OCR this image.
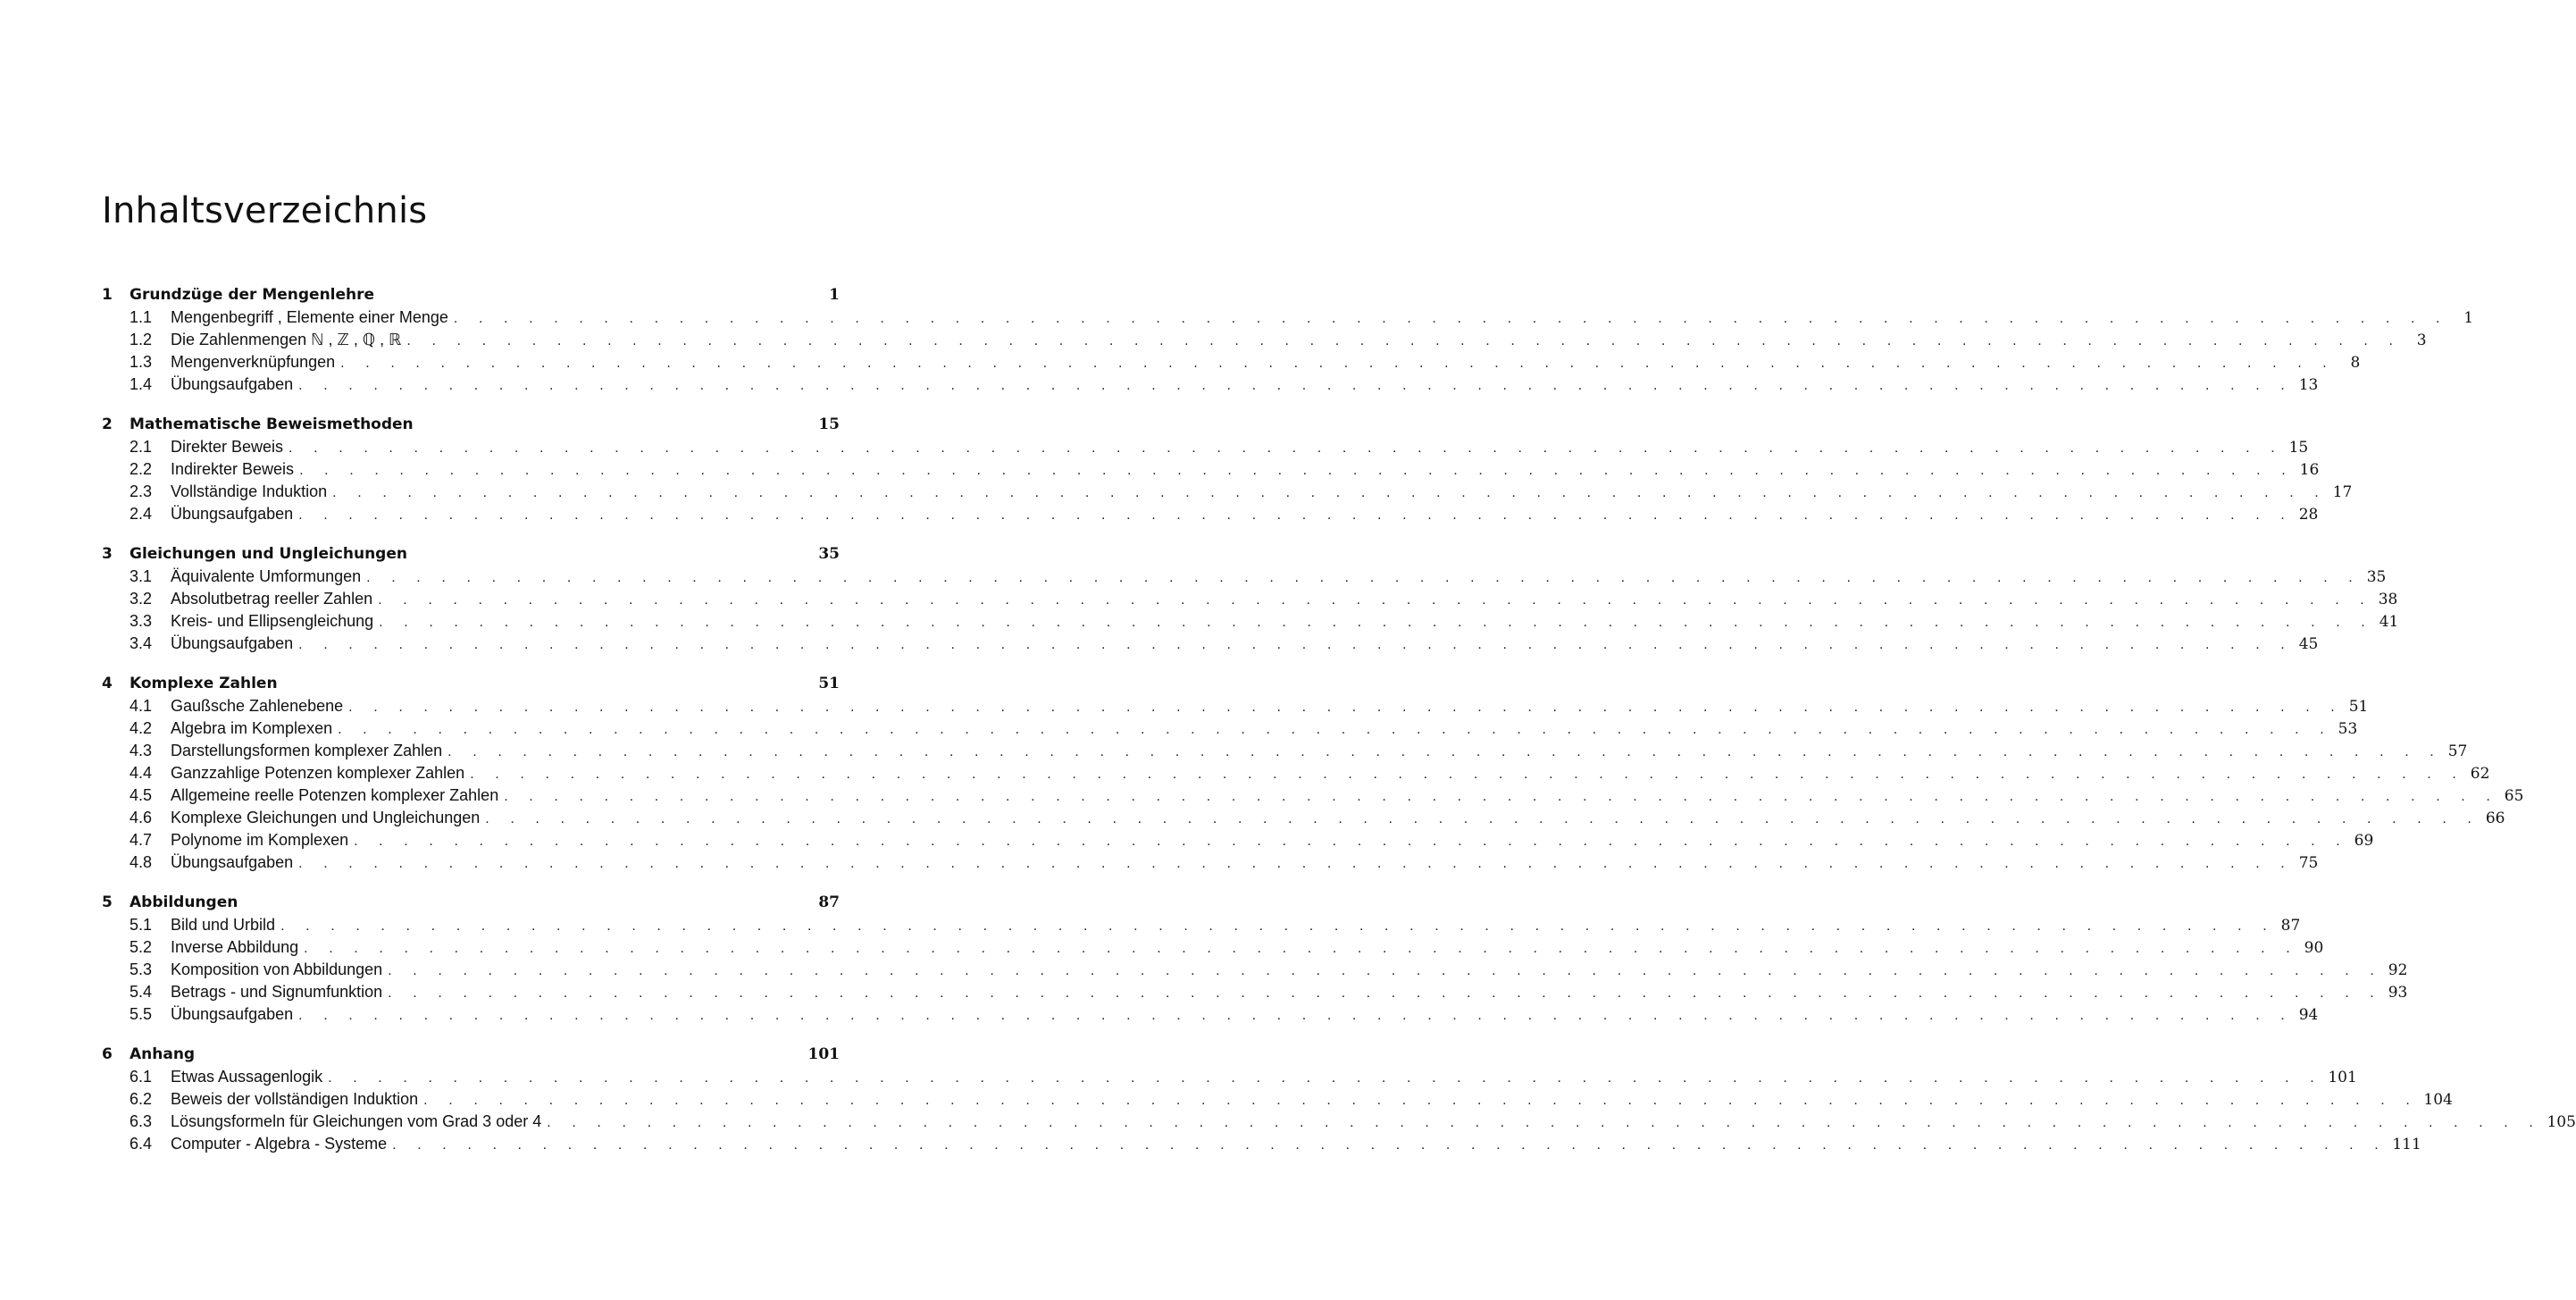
Inhaltsverzeichnis
1	Grundzüge der Mengenlehre	1
1.1	Mengenbegriff , Elemente einer Menge . . . . . . . . . . . . . . . . . . . . . . . . . . . . . . . . . . . . . . . . . . . . . . . . . . . . . . . . . . . . . . . . . . . . . . . . . . . . . . . .	1
1.2	Die Zahlenmengen ℕ , ℤ , ℚ , ℝ . . . . . . . . . . . . . . . . . . . . . . . . . . . . . . . . . . . . . . . . . . . . . . . . . . . . . . . . . . . . . . . . . . . . . . . . . . . . . . . .	3
1.3	Mengenverknüpfungen . . . . . . . . . . . . . . . . . . . . . . . . . . . . . . . . . . . . . . . . . . . . . . . . . . . . . . . . . . . . . . . . . . . . . . . . . . . . . . . .	8
1.4	Übungsaufgaben . . . . . . . . . . . . . . . . . . . . . . . . . . . . . . . . . . . . . . . . . . . . . . . . . . . . . . . . . . . . . . . . . . . . . . . . . . . . . . . . 13
2	Mathematische Beweismethoden	15
2.1	Direkter Beweis . . . . . . . . . . . . . . . . . . . . . . . . . . . . . . . . . . . . . . . . . . . . . . . . . . . . . . . . . . . . . . . . . . . . . . . . . . . . . . . . 15
2.2	Indirekter Beweis . . . . . . . . . . . . . . . . . . . . . . . . . . . . . . . . . . . . . . . . . . . . . . . . . . . . . . . . . . . . . . . . . . . . . . . . . . . . . . . . 16
2.3	Vollständige Induktion . . . . . . . . . . . . . . . . . . . . . . . . . . . . . . . . . . . . . . . . . . . . . . . . . . . . . . . . . . . . . . . . . . . . . . . . . . . . . . . . 17
2.4	Übungsaufgaben . . . . . . . . . . . . . . . . . . . . . . . . . . . . . . . . . . . . . . . . . . . . . . . . . . . . . . . . . . . . . . . . . . . . . . . . . . . . . . . . 28
3	Gleichungen und Ungleichungen	35
3.1	Äquivalente Umformungen . . . . . . . . . . . . . . . . . . . . . . . . . . . . . . . . . . . . . . . . . . . . . . . . . . . . . . . . . . . . . . . . . . . . . . . . . . . . . . . . 35
3.2	Absolutbetrag reeller Zahlen . . . . . . . . . . . . . . . . . . . . . . . . . . . . . . . . . . . . . . . . . . . . . . . . . . . . . . . . . . . . . . . . . . . . . . . . . . . . . . . . 38
3.3	Kreis- und Ellipsengleichung . . . . . . . . . . . . . . . . . . . . . . . . . . . . . . . . . . . . . . . . . . . . . . . . . . . . . . . . . . . . . . . . . . . . . . . . . . . . . . . . 41
3.4	Übungsaufgaben . . . . . . . . . . . . . . . . . . . . . . . . . . . . . . . . . . . . . . . . . . . . . . . . . . . . . . . . . . . . . . . . . . . . . . . . . . . . . . . . 45
4	Komplexe Zahlen	51
4.1	Gaußsche Zahlenebene . . . . . . . . . . . . . . . . . . . . . . . . . . . . . . . . . . . . . . . . . . . . . . . . . . . . . . . . . . . . . . . . . . . . . . . . . . . . . . . . 51
4.2	Algebra im Komplexen . . . . . . . . . . . . . . . . . . . . . . . . . . . . . . . . . . . . . . . . . . . . . . . . . . . . . . . . . . . . . . . . . . . . . . . . . . . . . . . . 53
4.3	Darstellungsformen komplexer Zahlen . . . . . . . . . . . . . . . . . . . . . . . . . . . . . . . . . . . . . . . . . . . . . . . . . . . . . . . . . . . . . . . . . . . . . . . . . . . . . . . . 57
4.4	Ganzzahlige Potenzen komplexer Zahlen . . . . . . . . . . . . . . . . . . . . . . . . . . . . . . . . . . . . . . . . . . . . . . . . . . . . . . . . . . . . . . . . . . . . . . . . . . . . . . . . 62
4.5	Allgemeine reelle Potenzen komplexer Zahlen . . . . . . . . . . . . . . . . . . . . . . . . . . . . . . . . . . . . . . . . . . . . . . . . . . . . . . . . . . . . . . . . . . . . . . . . . . . . . . . . 65
4.6	Komplexe Gleichungen und Ungleichungen . . . . . . . . . . . . . . . . . . . . . . . . . . . . . . . . . . . . . . . . . . . . . . . . . . . . . . . . . . . . . . . . . . . . . . . . . . . . . . . . 66
4.7	Polynome im Komplexen . . . . . . . . . . . . . . . . . . . . . . . . . . . . . . . . . . . . . . . . . . . . . . . . . . . . . . . . . . . . . . . . . . . . . . . . . . . . . . . . 69
4.8	Übungsaufgaben . . . . . . . . . . . . . . . . . . . . . . . . . . . . . . . . . . . . . . . . . . . . . . . . . . . . . . . . . . . . . . . . . . . . . . . . . . . . . . . . 75
5	Abbildungen	87
5.1	Bild und Urbild . . . . . . . . . . . . . . . . . . . . . . . . . . . . . . . . . . . . . . . . . . . . . . . . . . . . . . . . . . . . . . . . . . . . . . . . . . . . . . . . 87
5.2	Inverse Abbildung . . . . . . . . . . . . . . . . . . . . . . . . . . . . . . . . . . . . . . . . . . . . . . . . . . . . . . . . . . . . . . . . . . . . . . . . . . . . . . . . 90
5.3	Komposition von Abbildungen . . . . . . . . . . . . . . . . . . . . . . . . . . . . . . . . . . . . . . . . . . . . . . . . . . . . . . . . . . . . . . . . . . . . . . . . . . . . . . . . 92
5.4	Betrags - und Signumfunktion . . . . . . . . . . . . . . . . . . . . . . . . . . . . . . . . . . . . . . . . . . . . . . . . . . . . . . . . . . . . . . . . . . . . . . . . . . . . . . . . 93
5.5	Übungsaufgaben . . . . . . . . . . . . . . . . . . . . . . . . . . . . . . . . . . . . . . . . . . . . . . . . . . . . . . . . . . . . . . . . . . . . . . . . . . . . . . . . 94
6	Anhang	101
6.1	Etwas Aussagenlogik . . . . . . . . . . . . . . . . . . . . . . . . . . . . . . . . . . . . . . . . . . . . . . . . . . . . . . . . . . . . . . . . . . . . . . . . . . . . . . . . 101
6.2	Beweis der vollständigen Induktion . . . . . . . . . . . . . . . . . . . . . . . . . . . . . . . . . . . . . . . . . . . . . . . . . . . . . . . . . . . . . . . . . . . . . . . . . . . . . . . . 104
6.3	Lösungsformeln für Gleichungen vom Grad 3 oder 4 . . . . . . . . . . . . . . . . . . . . . . . . . . . . . . . . . . . . . . . . . . . . . . . . . . . . . . . . . . . . . . . . . . . . . . . . . . . . . . . . 105
6.4	Computer - Algebra - Systeme . . . . . . . . . . . . . . . . . . . . . . . . . . . . . . . . . . . . . . . . . . . . . . . . . . . . . . . . . . . . . . . . . . . . . . . . . . . . . . . . 111
